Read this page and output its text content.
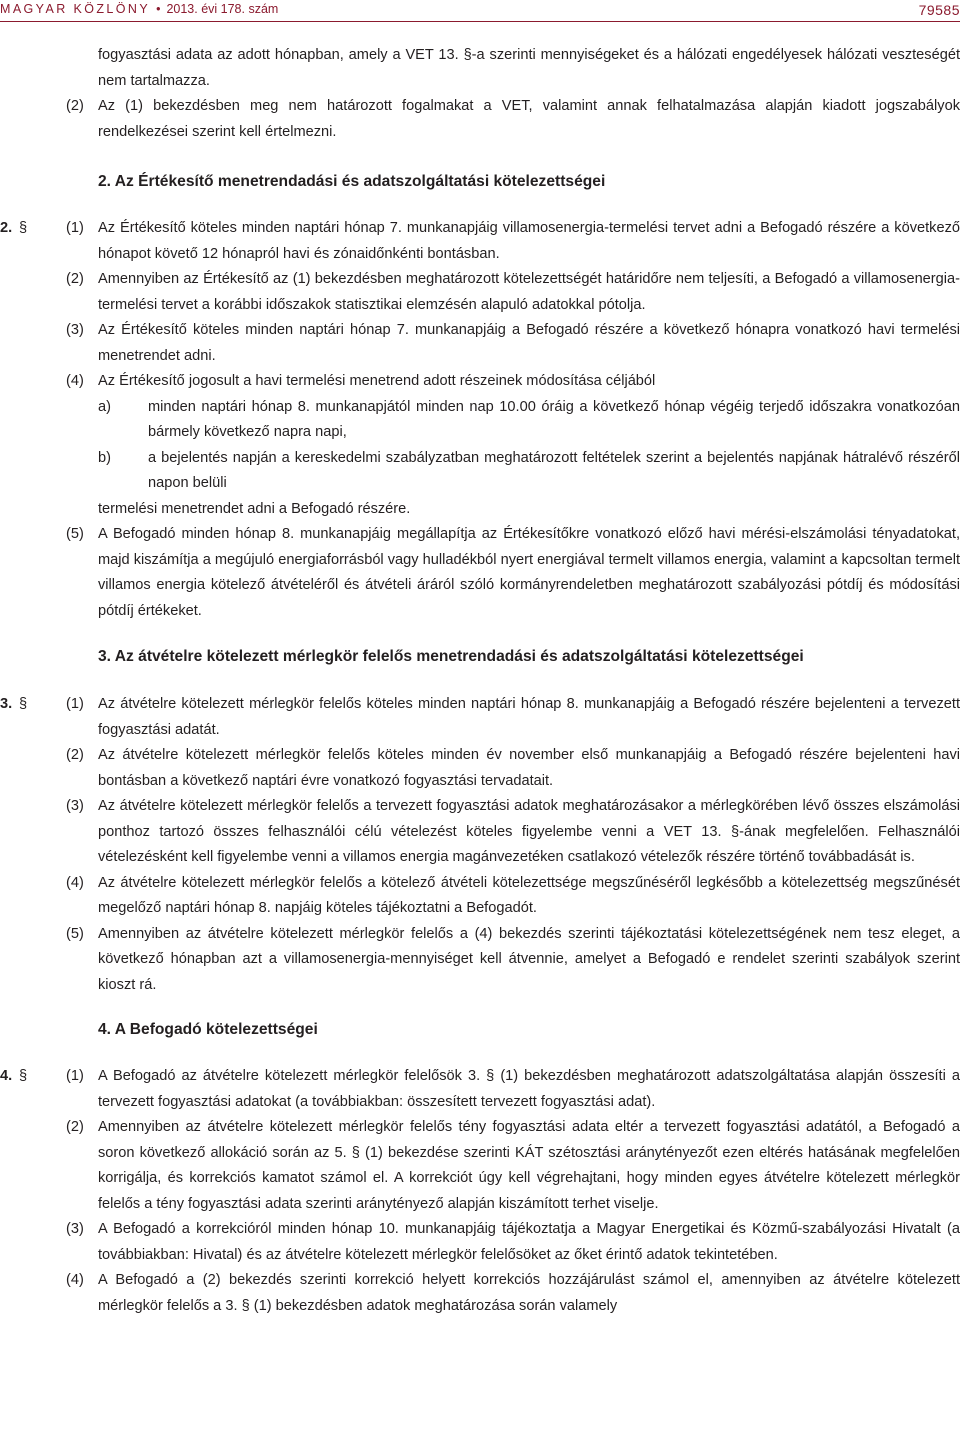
MAGYAR KÖZLÖNY • 2013. évi 178. szám	79585
fogyasztási adata az adott hónapban, amely a VET 13. §-a szerinti mennyiségeket és a hálózati engedélyesek hálózati veszteségét nem tartalmazza.
(2) Az (1) bekezdésben meg nem határozott fogalmakat a VET, valamint annak felhatalmazása alapján kiadott jogszabályok rendelkezései szerint kell értelmezni.
2. Az Értékesítő menetrendadási és adatszolgáltatási kötelezettségei
2. §	(1) Az Értékesítő köteles minden naptári hónap 7. munkanapjáig villamosenergia-termelési tervet adni a Befogadó részére a következő hónapot követő 12 hónapról havi és zónaidőnkénti bontásban.
(2) Amennyiben az Értékesítő az (1) bekezdésben meghatározott kötelezettségét határidőre nem teljesíti, a Befogadó a villamosenergia-termelési tervet a korábbi időszakok statisztikai elemzésén alapuló adatokkal pótolja.
(3) Az Értékesítő köteles minden naptári hónap 7. munkanapjáig a Befogadó részére a következő hónapra vonatkozó havi termelési menetrendet adni.
(4) Az Értékesítő jogosult a havi termelési menetrend adott részeinek módosítása céljából
a)	minden naptári hónap 8. munkanapjától minden nap 10.00 óráig a következő hónap végéig terjedő időszakra vonatkozóan bármely következő napra napi,
b)	a bejelentés napján a kereskedelmi szabályzatban meghatározott feltételek szerint a bejelentés napjának hátralévő részéről napon belüli
termelési menetrendet adni a Befogadó részére.
(5) A Befogadó minden hónap 8. munkanapjáig megállapítja az Értékesítőkre vonatkozó előző havi mérési-elszámolási tényadatokat, majd kiszámítja a megújuló energiaforrásból vagy hulladékból nyert energiával termelt villamos energia, valamint a kapcsoltan termelt villamos energia kötelező átvételéről és átvételi áráról szóló kormányrendeletben meghatározott szabályozási pótdíj és módosítási pótdíj értékeket.
3. Az átvételre kötelezett mérlegkör felelős menetrendadási és adatszolgáltatási kötelezettségei
3. §	(1) Az átvételre kötelezett mérlegkör felelős köteles minden naptári hónap 8. munkanapjáig a Befogadó részére bejelenteni a tervezett fogyasztási adatát.
(2) Az átvételre kötelezett mérlegkör felelős köteles minden év november első munkanapjáig a Befogadó részére bejelenteni havi bontásban a következő naptári évre vonatkozó fogyasztási tervadatait.
(3) Az átvételre kötelezett mérlegkör felelős a tervezett fogyasztási adatok meghatározásakor a mérlegkörében lévő összes elszámolási ponthoz tartozó összes felhasználói célú vételezést köteles figyelembe venni a VET 13. §-ának megfelelően. Felhasználói vételezésként kell figyelembe venni a villamos energia magánvezetéken csatlakozó vételezők részére történő továbbadását is.
(4) Az átvételre kötelezett mérlegkör felelős a kötelező átvételi kötelezettsége megszűnéséről legkésőbb a kötelezettség megszűnését megelőző naptári hónap 8. napjáig köteles tájékoztatni a Befogadót.
(5) Amennyiben az átvételre kötelezett mérlegkör felelős a (4) bekezdés szerinti tájékoztatási kötelezettségének nem tesz eleget, a következő hónapban azt a villamosenergia-mennyiséget kell átvennie, amelyet a Befogadó e rendelet szerinti szabályok szerint kioszt rá.
4. A Befogadó kötelezettségei
4. §	(1) A Befogadó az átvételre kötelezett mérlegkör felelősök 3. § (1) bekezdésben meghatározott adatszolgáltatása alapján összesíti a tervezett fogyasztási adatokat (a továbbiakban: összesített tervezett fogyasztási adat).
(2) Amennyiben az átvételre kötelezett mérlegkör felelős tény fogyasztási adata eltér a tervezett fogyasztási adatától, a Befogadó a soron következő allokáció során az 5. § (1) bekezdése szerinti KÁT szétosztási aránytényezőt ezen eltérés hatásának megfelelően korrigálja, és korrekciós kamatot számol el. A korrekciót úgy kell végrehajtani, hogy minden egyes átvételre kötelezett mérlegkör felelős a tény fogyasztási adata szerinti aránytényező alapján kiszámított terhet viselje.
(3) A Befogadó a korrekcióról minden hónap 10. munkanapjáig tájékoztatja a Magyar Energetikai és Közmű-szabályozási Hivatalt (a továbbiakban: Hivatal) és az átvételre kötelezett mérlegkör felelősöket az őket érintő adatok tekintetében.
(4) A Befogadó a (2) bekezdés szerinti korrekció helyett korrekciós hozzájárulást számol el, amennyiben az átvételre kötelezett mérlegkör felelős a 3. § (1) bekezdésben adatok meghatározása során valamely
